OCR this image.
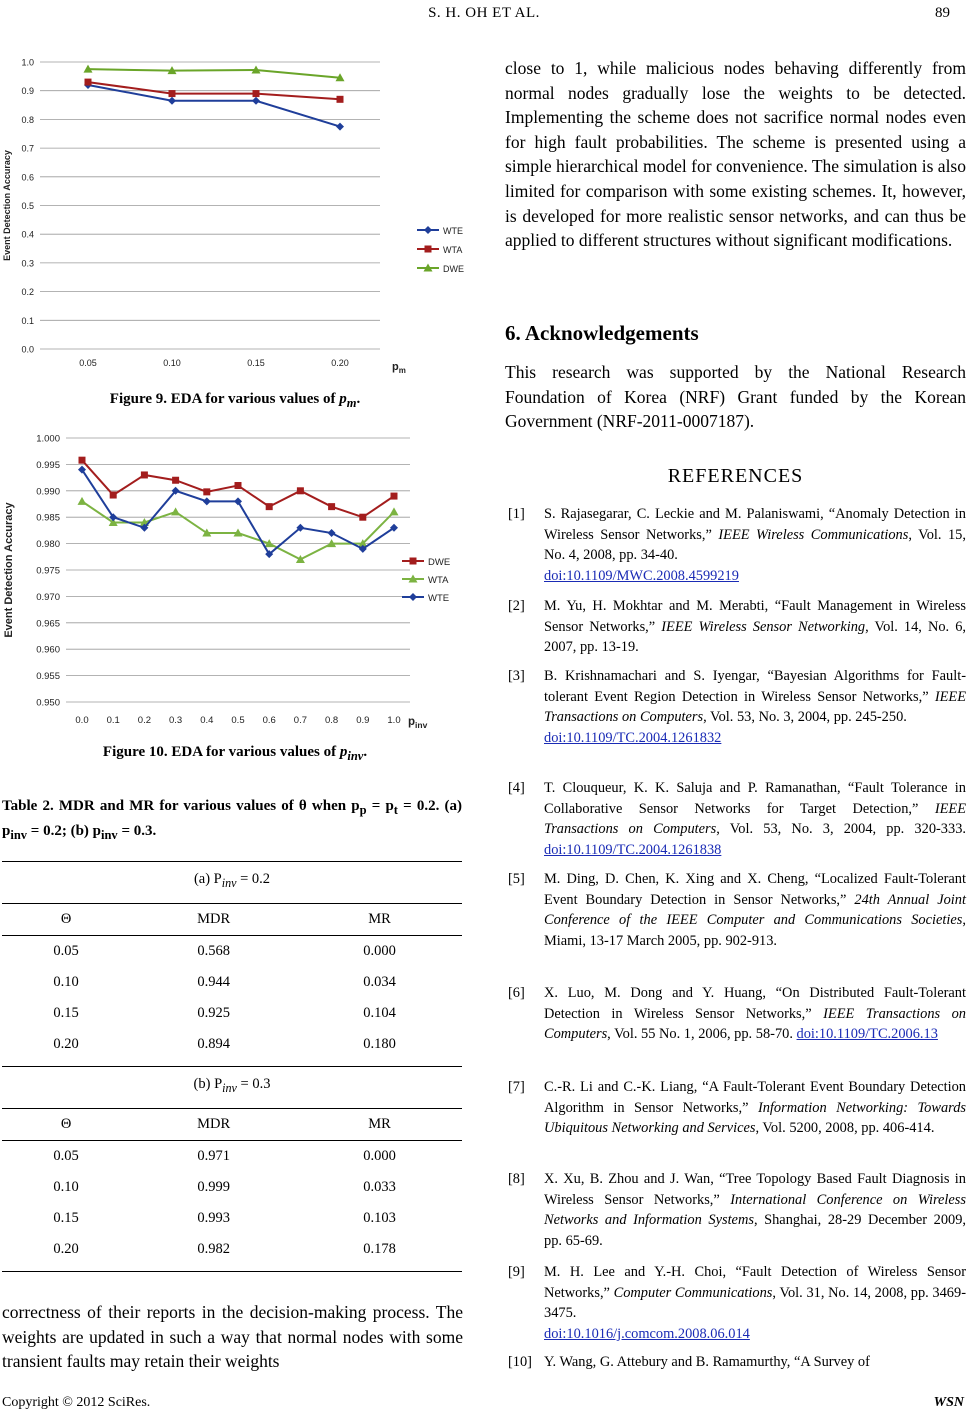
S. H. OH ET AL.	89
0.0
0.1
0.2
0.3
0.4
0.5
0.6
0.7
0.8
0.9
1.0
0.05	0.10	0.15	0.20	$p_m$
Event Detection Accuracy	WTE
WTA
DWE
Figure 9. EDA for various values of $p_m$.
0.950
0.955
0.960
0.965
0.970
0.975
0.980
0.985
0.990
0.995
1.000
0.0 0.1 0.2 0.3 0.4 0.5 0.6 0.7 0.8 0.9 1.0 $p_{inv}$
Event Detection Accuracy	DWE
WTA
WTE
Figure 10. EDA for various values of $p_{inv}$.
Table 2. MDR and MR for various values of θ when $p_p = p_t = 0.2$. (a) $p_{inv} = 0.2$; (b) $p_{inv} = 0.3$.
(a) $P_{inv} = 0.2$
Θ	MDR	MR
0.05	0.568	0.000
0.10	0.944	0.034
0.15	0.925	0.104
0.20	0.894	0.180
(b) $P_{inv} = 0.3$
Θ	MDR	MR
0.05	0.971	0.000
0.10	0.999	0.033
0.15	0.993	0.103
0.20	0.982	0.178
correctness of their reports in the decision-making process. The weights are updated in such a way that normal nodes with some transient faults may retain their weights
close to 1, while malicious nodes behaving differently from normal nodes gradually lose the weights to be detected. Implementing the scheme does not sacrifice normal nodes even for high fault probabilities. The scheme is presented using a simple hierarchical model for convenience. The simulation is also limited for comparison with some existing schemes. It, however, is developed for more realistic sensor networks, and can thus be applied to different structures without significant modifications.
6. Acknowledgements
This research was supported by the National Research Foundation of Korea (NRF) Grant funded by the Korean Government (NRF-2011-0007187).
REFERENCES
[1] S. Rajasegarar, C. Leckie and M. Palaniswami, “Anomaly Detection in Wireless Sensor Networks,” IEEE Wireless Communications, Vol. 15, No. 4, 2008, pp. 34-40.
doi:10.1109/MWC.2008.4599219
[2] M. Yu, H. Mokhtar and M. Merabti, “Fault Management in Wireless Sensor Networks,” IEEE Wireless Sensor Networking, Vol. 14, No. 6, 2007, pp. 13-19.
[3] B. Krishnamachari and S. Iyengar, “Bayesian Algorithms for Fault-tolerant Event Region Detection in Wireless Sensor Networks,” IEEE Transactions on Computers, Vol. 53, No. 3, 2004, pp. 245-250.
doi:10.1109/TC.2004.1261832
[4] T. Clouqueur, K. K. Saluja and P. Ramanathan, “Fault Tolerance in Collaborative Sensor Networks for Target Detection,” IEEE Transactions on Computers, Vol. 53, No. 3, 2004, pp. 320-333. doi:10.1109/TC.2004.1261838
[5] M. Ding, D. Chen, K. Xing and X. Cheng, “Localized Fault-Tolerant Event Boundary Detection in Sensor Networks,” 24th Annual Joint Conference of the IEEE Computer and Communications Societies, Miami, 13-17 March 2005, pp. 902-913.
[6] X. Luo, M. Dong and Y. Huang, “On Distributed Fault-Tolerant Detection in Wireless Sensor Networks,” IEEE Transactions on Computers, Vol. 55 No. 1, 2006, pp. 58-70. doi:10.1109/TC.2006.13
[7] C.-R. Li and C.-K. Liang, “A Fault-Tolerant Event Boundary Detection Algorithm in Sensor Networks,” Information Networking: Towards Ubiquitous Networking and Services, Vol. 5200, 2008, pp. 406-414.
[8] X. Xu, B. Zhou and J. Wan, “Tree Topology Based Fault Diagnosis in Wireless Sensor Networks,” International Conference on Wireless Networks and Information Systems, Shanghai, 28-29 December 2009, pp. 65-69.
[9] M. H. Lee and Y.-H. Choi, “Fault Detection of Wireless Sensor Networks,” Computer Communications, Vol. 31, No. 14, 2008, pp. 3469-3475.
doi:10.1016/j.comcom.2008.06.014
[10] Y. Wang, G. Attebury and B. Ramamurthy, “A Survey of
Copyright © 2012 SciRes.	WSN
